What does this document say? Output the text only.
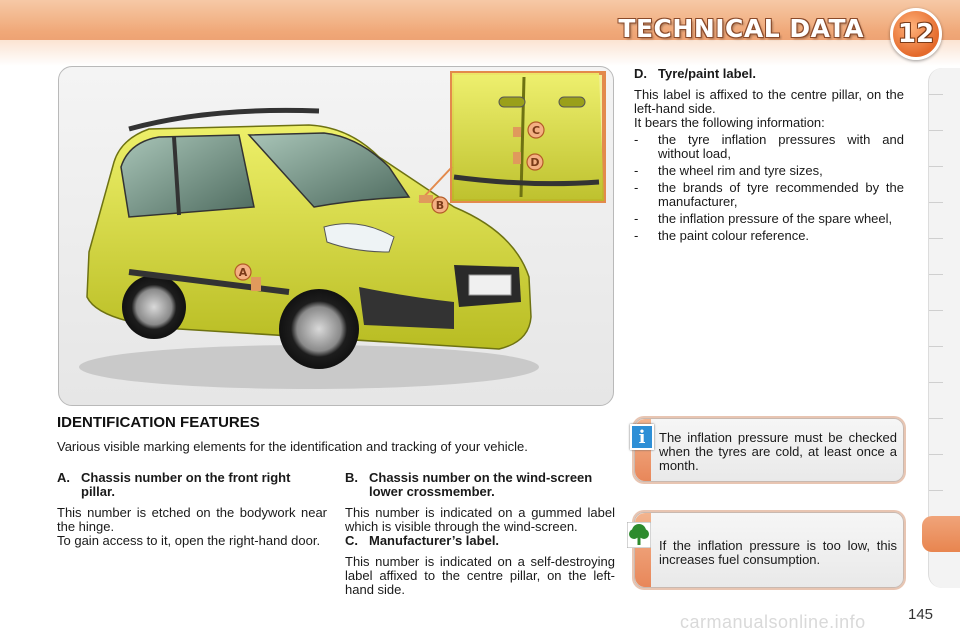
TECHNICAL DATA	12
A
B
C
D
IDENTIFICATION FEATURES
Various visible marking elements for the identification and tracking of your vehicle.
A. Chassis number on the front right pillar.

This number is etched on the bodywork near the hinge.

To gain access to it, open the right-hand door.

B. Chassis number on the wind-screen lower crossmember.

This number is indicated on a gummed label which is visible through the wind-screen.

C. Manufacturer’s label.

This number is indicated on a self-destroying label affixed to the centre pillar, on the left-hand side.

D. Tyre/paint label.

This label is affixed to the centre pillar, on the left-hand side.

It bears the following information:

-	the tyre inflation pressures with and without load,
-	the wheel rim and tyre sizes,
-	the brands of tyre recommended by the manufacturer,
-	the inflation pressure of the spare wheel,
-	the paint colour reference.
The inflation pressure must be checked when the tyres are cold, at least once a month.
i
If the inflation pressure is too low, this increases fuel consumption.
carmanualsonline.info	145
